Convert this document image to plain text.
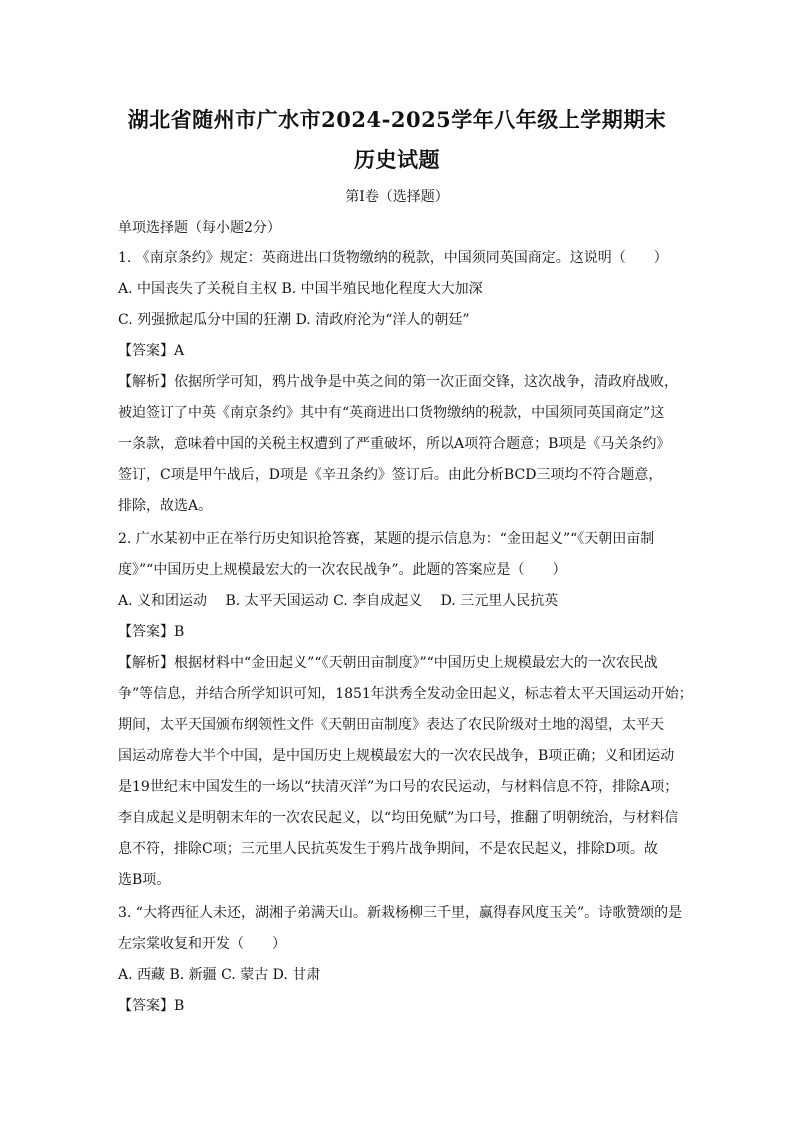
湖北省随州市广水市2024-2025学年八年级上学期期末
历史试题
第Ⅰ卷（选择题）
单项选择题（每小题2分）
1. 《南京条约》规定：英商进出口货物缴纳的税款，中国须同英国商定。这说明（　　）
A. 中国丧失了关税自主权 B. 中国半殖民地化程度大大加深
C. 列强掀起瓜分中国的狂潮 D. 清政府沦为“洋人的朝廷”
【答案】A
【解析】依据所学可知，鸦片战争是中英之间的第一次正面交锋，这次战争，清政府战败，
被迫签订了中英《南京条约》其中有“英商进出口货物缴纳的税款，中国须同英国商定”这
一条款，意味着中国的关税主权遭到了严重破坏，所以A项符合题意；B项是《马关条约》
签订，C项是甲午战后，D项是《辛丑条约》签订后。由此分析BCD三项均不符合题意，
排除，故选A。
2. 广水某初中正在举行历史知识抢答赛，某题的提示信息为：“金田起义”“《天朝田亩制
度》”“中国历史上规模最宏大的一次农民战争”。此题的答案应是（　　）
A. 义和团运动　 B. 太平天国运动 C. 李自成起义　 D. 三元里人民抗英
【答案】B
【解析】根据材料中“金田起义”“《天朝田亩制度》”“中国历史上规模最宏大的一次农民战
争”等信息，并结合所学知识可知，1851年洪秀全发动金田起义，标志着太平天国运动开始；
期间，太平天国颁布纲领性文件《天朝田亩制度》表达了农民阶级对土地的渴望，太平天
国运动席卷大半个中国，是中国历史上规模最宏大的一次农民战争，B项正确；义和团运动
是19世纪末中国发生的一场以“扶清灭洋”为口号的农民运动，与材料信息不符，排除A项；
李自成起义是明朝末年的一次农民起义，以“均田免赋”为口号，推翻了明朝统治，与材料信
息不符，排除C项；三元里人民抗英发生于鸦片战争期间，不是农民起义，排除D项。故
选B项。
3. “大将西征人未还，湖湘子弟满天山。新栽杨柳三千里，赢得春风度玉关”。诗歌赞颂的是
左宗棠收复和开发（　　）
A. 西藏 B. 新疆 C. 蒙古 D. 甘肃
【答案】B
